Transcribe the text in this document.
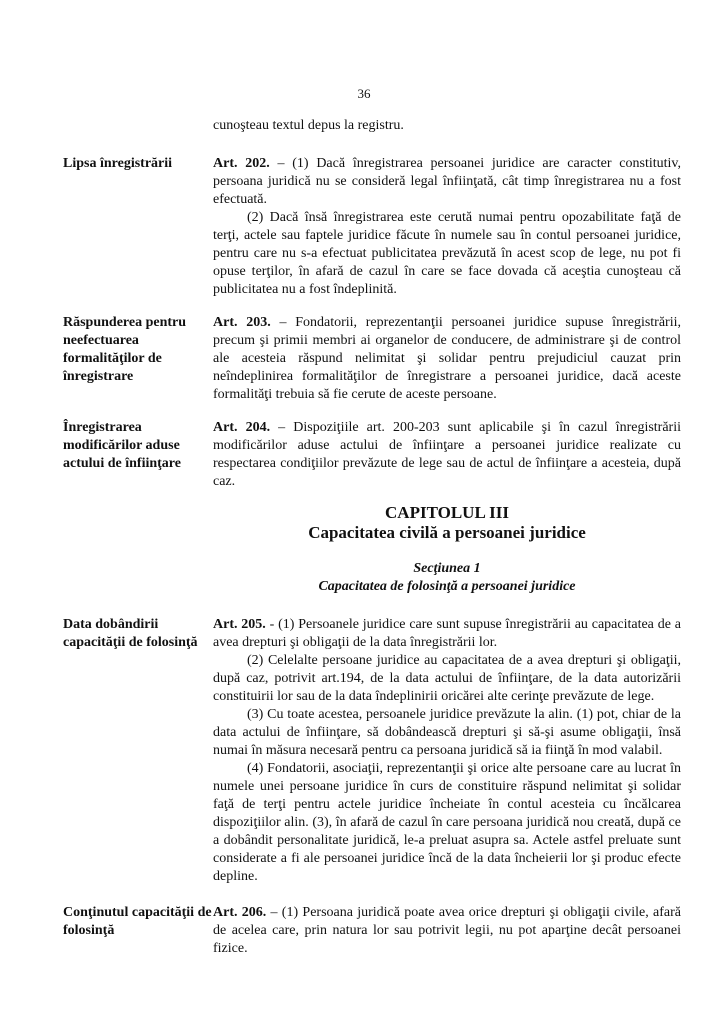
36

cunoşteau textul depus la registru.

Lipsa înregistrării	Art. 202. – (1) Dacă înregistrarea persoanei juridice are caracter constitutiv, persoana juridică nu se consideră legal înfiinţată, cât timp înregistrarea nu a fost efectuată.

(2) Dacă însă înregistrarea este cerută numai pentru opozabilitate faţă de terţi, actele sau faptele juridice făcute în numele sau în contul persoanei juridice, pentru care nu s-a efectuat publicitatea prevăzută în acest scop de lege, nu pot fi opuse terţilor, în afară de cazul în care se face dovada că aceştia cunoşteau că publicitatea nu a fost îndeplinită.

Răspunderea pentru neefectuarea formalităţilor de înregistrare

Art. 203. – Fondatorii, reprezentanţii persoanei juridice supuse înregistrării, precum şi primii membri ai organelor de conducere, de administrare şi de control ale acesteia răspund nelimitat şi solidar pentru prejudiciul cauzat prin neîndeplinirea formalităţilor de înregistrare a persoanei juridice, dacă aceste formalităţi trebuia să fie cerute de aceste persoane.

Înregistrarea modificărilor aduse actului de înfiinţare

Art. 204. – Dispoziţiile art. 200-203 sunt aplicabile şi în cazul înregistrării modificărilor aduse actului de înfiinţare a persoanei juridice realizate cu respectarea condiţiilor prevăzute de lege sau de actul de înfiinţare a acesteia, după caz.

CAPITOLUL III
Capacitatea civilă a persoanei juridice
Secţiunea 1
Capacitatea de folosinţă a persoanei juridice
Data dobândirii capacităţii de folosinţă

Art. 205. - (1) Persoanele juridice care sunt supuse înregistrării au capacitatea de a avea drepturi şi obligaţii de la data înregistrării lor.

(2) Celelalte persoane juridice au capacitatea de a avea drepturi şi obligaţii, după caz, potrivit art.194, de la data actului de înfiinţare, de la data autorizării constituirii lor sau de la data îndeplinirii oricărei alte cerinţe prevăzute de lege.

(3) Cu toate acestea, persoanele juridice prevăzute la alin. (1) pot, chiar de la data actului de înfiinţare, să dobândească drepturi şi să-şi asume obligaţii, însă numai în măsura necesară pentru ca persoana juridică să ia fiinţă în mod valabil.

(4) Fondatorii, asociaţii, reprezentanţii şi orice alte persoane care au lucrat în numele unei persoane juridice în curs de constituire răspund nelimitat şi solidar faţă de terţi pentru actele juridice încheiate în contul acesteia cu încălcarea dispoziţiilor alin. (3), în afară de cazul în care persoana juridică nou creată, după ce a dobândit personalitate juridică, le-a preluat asupra sa. Actele astfel preluate sunt considerate a fi ale persoanei juridice încă de la data încheierii lor şi produc efecte depline.

Conţinutul capacităţii de folosinţă

Art. 206. – (1) Persoana juridică poate avea orice drepturi şi obligaţii civile, afară de acelea care, prin natura lor sau potrivit legii, nu pot aparţine decât persoanei fizice.
